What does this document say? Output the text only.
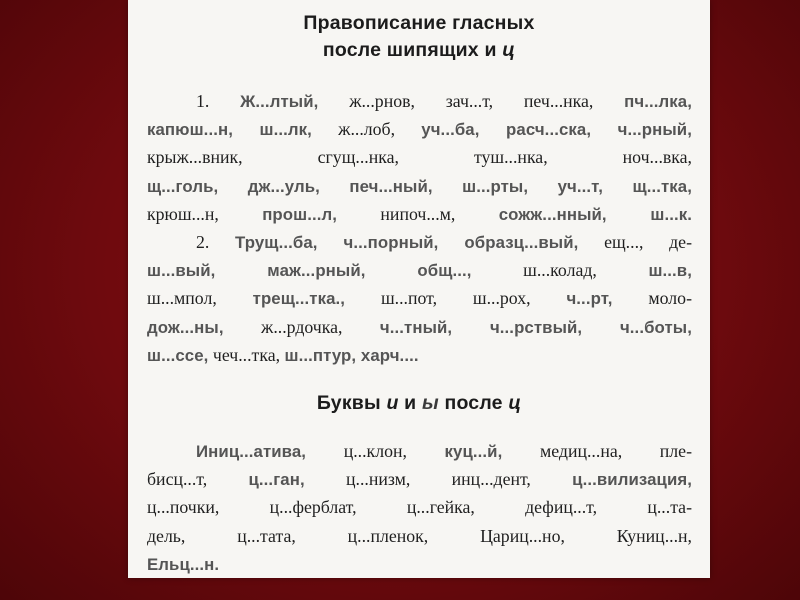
Правописание гласных
после шипящих и ц
1. Ж...лтый, ж...рнов, зач...т, печ...нка, пч...лка,
капюш...н, ш...лк, ж...лоб, уч...ба, расч...ска, ч...рный,
крыж...вник, сгущ...нка, туш...нка, ноч...вка,
щ...голь, дж...уль, печ...ный, ш...рты, уч...т, щ...тка,
крюш...н, прош...л, нипоч...м, сожж...нный, ш...к.
2. Трущ...ба, ч...порный, образц...вый, ещ..., де-
ш...вый, маж...рный, общ..., ш...колад, ш...в,
ш...мпол, трещ...тка., ш...пот, ш...рох, ч...рт, моло-
дож...ны, ж...рдочка, ч...тный, ч...рствый, ч...боты,
ш...ссе, чеч...тка, ш...птур, харч....
Буквы и и ы после ц
Иниц...атива, ц...клон, куц...й, медиц...на, пле-
бисц...т, ц...ган, ц...низм, инц...дент, ц...вилизация,
ц...почки, ц...ферблат, ц...гейка, дефиц...т, ц...та-
дель, ц...тата, ц...пленок, Цариц...но, Куниц...н,
Ельц...н.
